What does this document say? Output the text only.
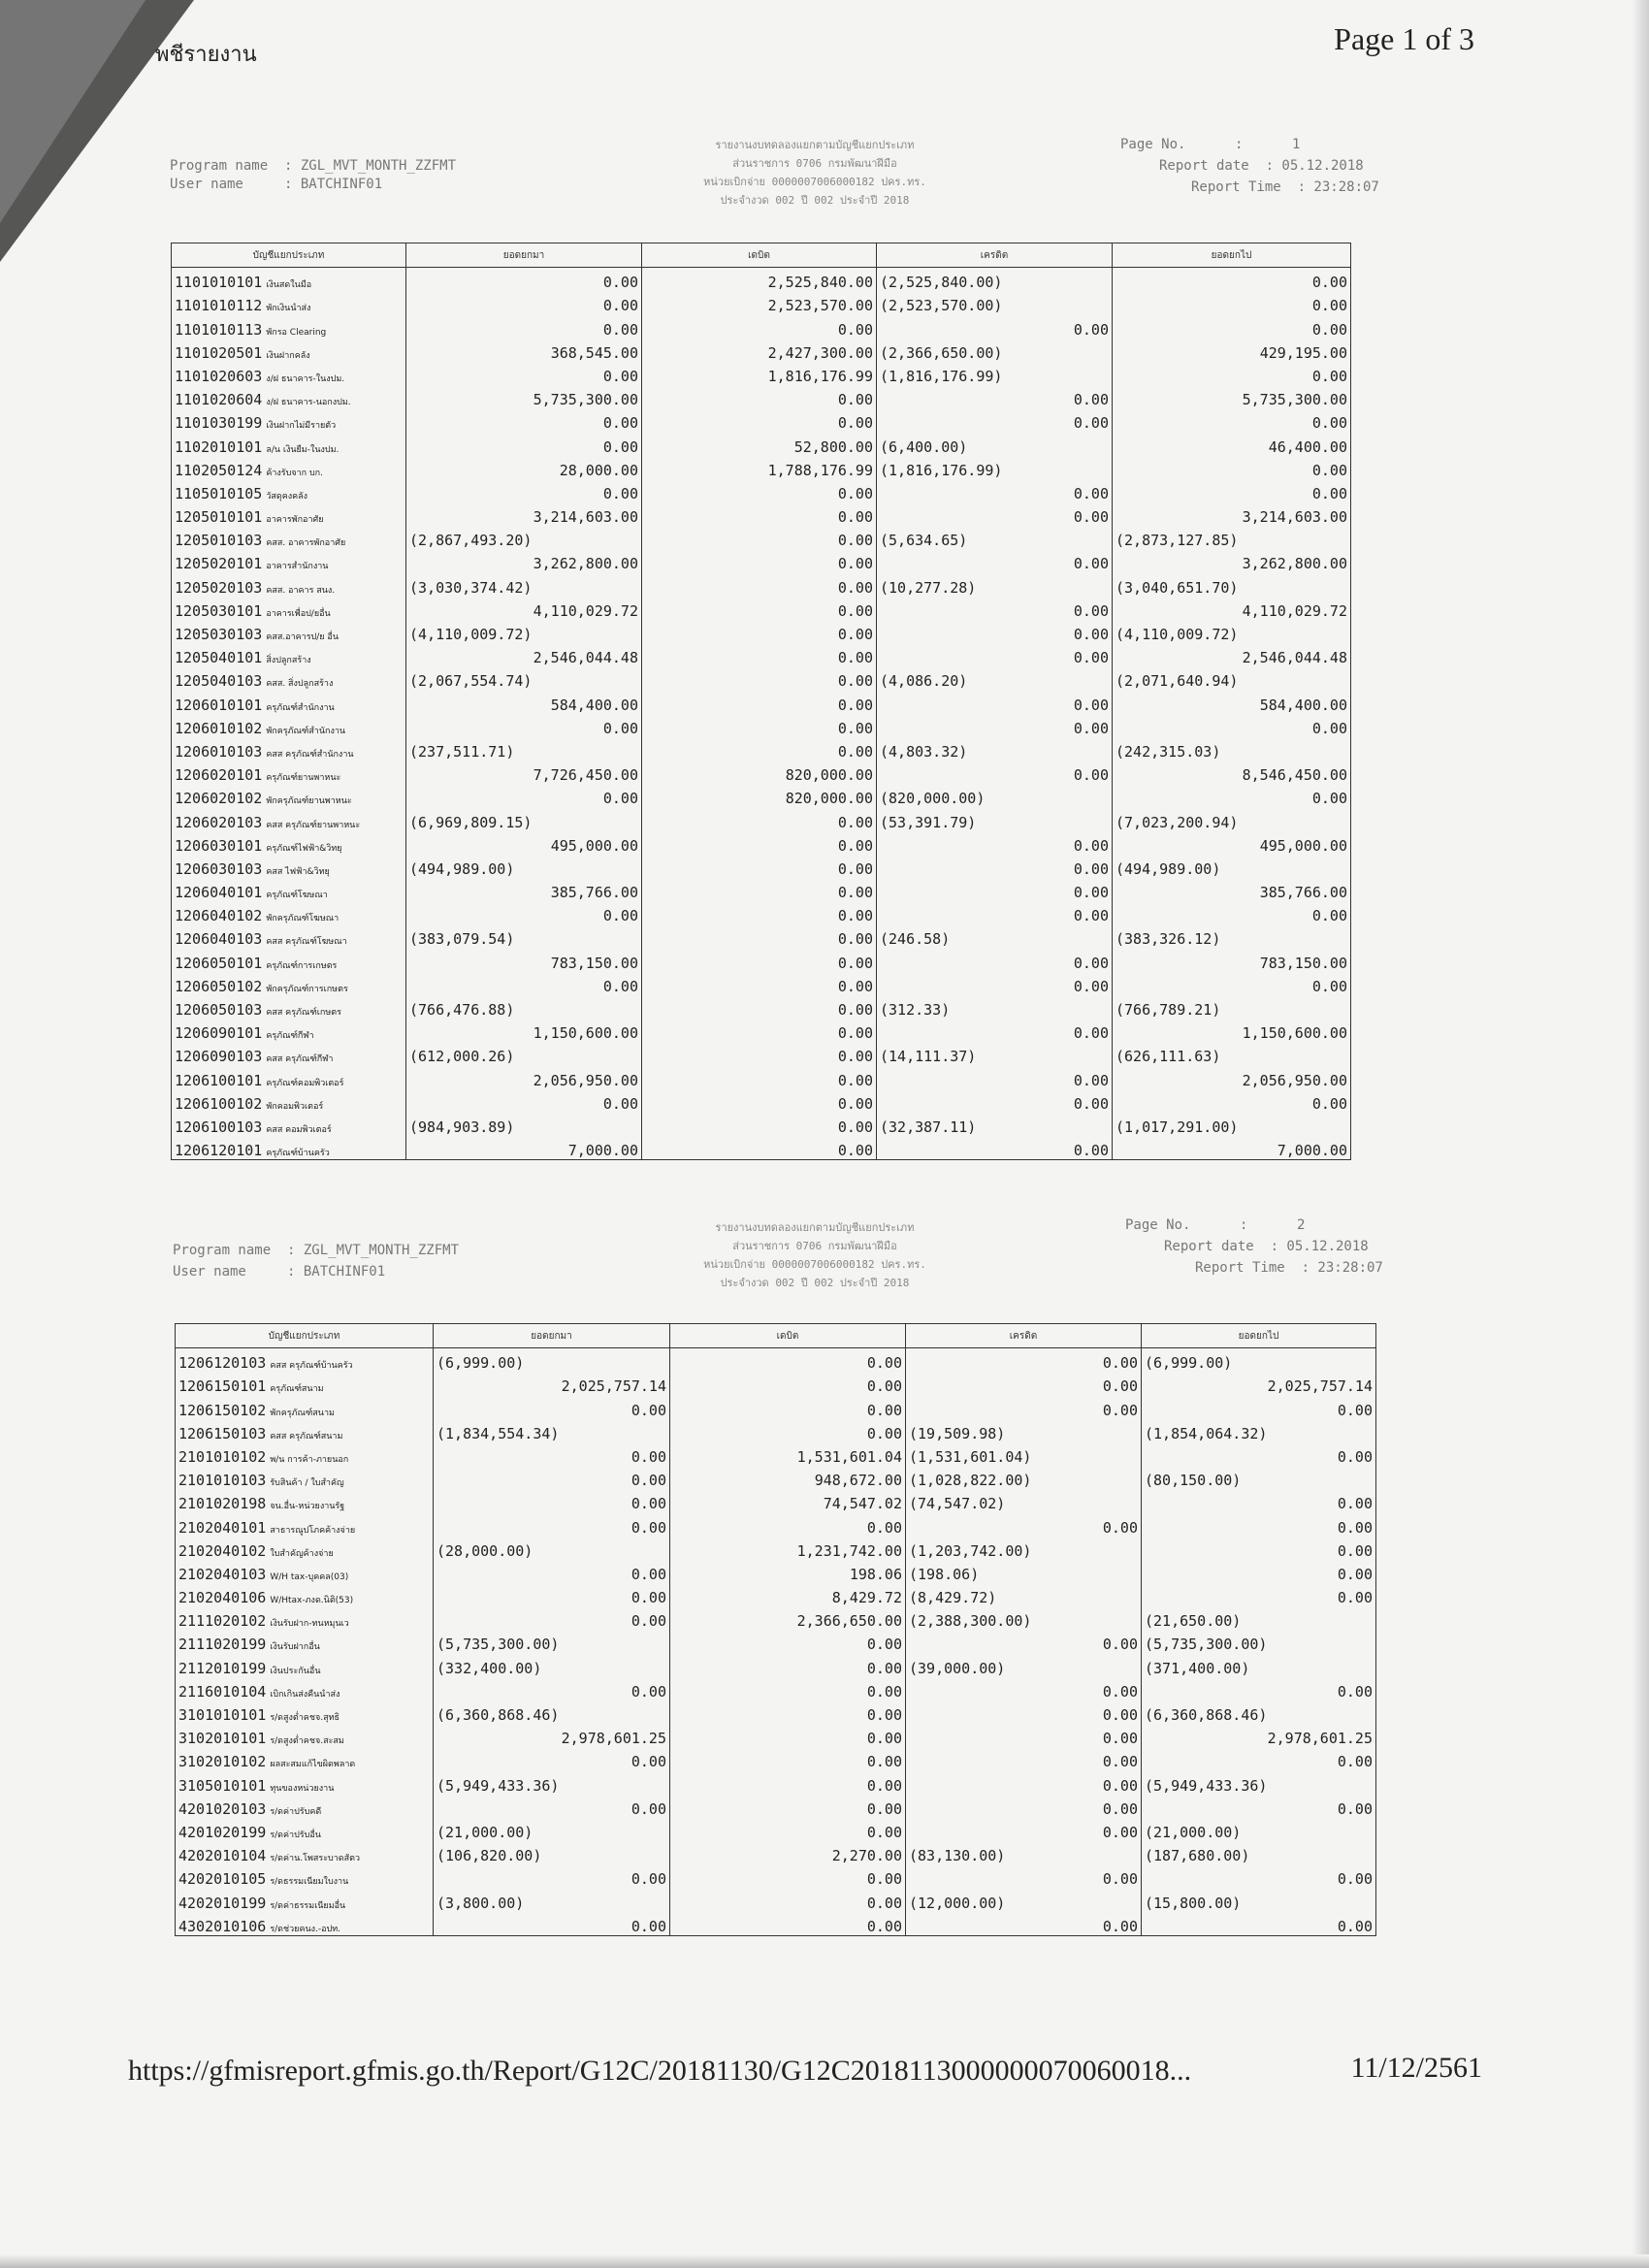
พชีรายงาน	Page 1 of 3
Program name  : ZGL_MVT_MONTH_ZZFMT
User name     : BATCHINF01
รายงานงบทดลองแยกตามบัญชีแยกประเภท
ส่วนราชการ 0706 กรมพัฒนาฝีมือ
หน่วยเบิกจ่าย 0000007006000182 ปคร.ทร.
ประจำงวด 002 ปี 002 ประจำปี 2018
Page No.      :      1
Report date  : 05.12.2018
Report Time  : 23:28:07
บัญชีแยกประเภท	ยอดยกมา	เดบิต	เครดิต	ยอดยกไป
1101010101 เงินสดในมือ	0.00	2,525,840.00	(2,525,840.00)	0.00
1101010112 พักเงินนำส่ง	0.00	2,523,570.00	(2,523,570.00)	0.00
1101010113 พักรอ Clearing	0.00	0.00	0.00	0.00
1101020501 เงินฝากคลัง	368,545.00	2,427,300.00	(2,366,650.00)	429,195.00
1101020603 ง/ฝ ธนาคาร-ในงปม.	0.00	1,816,176.99	(1,816,176.99)	0.00
1101020604 ง/ฝ ธนาคาร-นอกงปม.	5,735,300.00	0.00	0.00	5,735,300.00
1101030199 เงินฝากไม่มีรายตัว	0.00	0.00	0.00	0.00
1102010101 ล/น เงินยืม-ในงปม.	0.00	52,800.00	(6,400.00)	46,400.00
1102050124 ค้างรับจาก บก.	28,000.00	1,788,176.99	(1,816,176.99)	0.00
1105010105 วัสดุคงคลัง	0.00	0.00	0.00	0.00
1205010101 อาคารพักอาศัย	3,214,603.00	0.00	0.00	3,214,603.00
1205010103 คสส. อาคารพักอาศัย	(2,867,493.20)	0.00	(5,634.65)	(2,873,127.85)
1205020101 อาคารสำนักงาน	3,262,800.00	0.00	0.00	3,262,800.00
1205020103 คสส. อาคาร สนง.	(3,030,374.42)	0.00	(10,277.28)	(3,040,651.70)
1205030101 อาคารเพื่อป/ยอื่น	4,110,029.72	0.00	0.00	4,110,029.72
1205030103 คสส.อาคารป/ย อื่น	(4,110,009.72)	0.00	0.00	(4,110,009.72)
1205040101 สิ่งปลูกสร้าง	2,546,044.48	0.00	0.00	2,546,044.48
1205040103 คสส. สิ่งปลูกสร้าง	(2,067,554.74)	0.00	(4,086.20)	(2,071,640.94)
1206010101 ครุภัณฑ์สำนักงาน	584,400.00	0.00	0.00	584,400.00
1206010102 พักครุภัณฑ์สำนักงาน	0.00	0.00	0.00	0.00
1206010103 คสส ครุภัณฑ์สำนักงาน	(237,511.71)	0.00	(4,803.32)	(242,315.03)
1206020101 ครุภัณฑ์ยานพาหนะ	7,726,450.00	820,000.00	0.00	8,546,450.00
1206020102 พักครุภัณฑ์ยานพาหนะ	0.00	820,000.00	(820,000.00)	0.00
1206020103 คสส ครุภัณฑ์ยานพาหนะ	(6,969,809.15)	0.00	(53,391.79)	(7,023,200.94)
1206030101 ครุภัณฑ์ไฟฟ้า&วิทยุ	495,000.00	0.00	0.00	495,000.00
1206030103 คสส ไฟฟ้า&วิทยุ	(494,989.00)	0.00	0.00	(494,989.00)
1206040101 ครุภัณฑ์โฆษณา	385,766.00	0.00	0.00	385,766.00
1206040102 พักครุภัณฑ์โฆษณา	0.00	0.00	0.00	0.00
1206040103 คสส ครุภัณฑ์โฆษณา	(383,079.54)	0.00	(246.58)	(383,326.12)
1206050101 ครุภัณฑ์การเกษตร	783,150.00	0.00	0.00	783,150.00
1206050102 พักครุภัณฑ์การเกษตร	0.00	0.00	0.00	0.00
1206050103 คสส ครุภัณฑ์เกษตร	(766,476.88)	0.00	(312.33)	(766,789.21)
1206090101 ครุภัณฑ์กีฬา	1,150,600.00	0.00	0.00	1,150,600.00
1206090103 คสส ครุภัณฑ์กีฬา	(612,000.26)	0.00	(14,111.37)	(626,111.63)
1206100101 ครุภัณฑ์คอมพิวเตอร์	2,056,950.00	0.00	0.00	2,056,950.00
1206100102 พักคอมพิวเตอร์	0.00	0.00	0.00	0.00
1206100103 คสส คอมพิวเตอร์	(984,903.89)	0.00	(32,387.11)	(1,017,291.00)
1206120101 ครุภัณฑ์บ้านครัว	7,000.00	0.00	0.00	7,000.00
Program name  : ZGL_MVT_MONTH_ZZFMT
User name     : BATCHINF01
รายงานงบทดลองแยกตามบัญชีแยกประเภท
ส่วนราชการ 0706 กรมพัฒนาฝีมือ
หน่วยเบิกจ่าย 0000007006000182 ปคร.ทร.
ประจำงวด 002 ปี 002 ประจำปี 2018
Page No.      :      2
Report date  : 05.12.2018
Report Time  : 23:28:07
บัญชีแยกประเภท	ยอดยกมา	เดบิต	เครดิต	ยอดยกไป
1206120103 คสส ครุภัณฑ์บ้านครัว	(6,999.00)	0.00	0.00	(6,999.00)
1206150101 ครุภัณฑ์สนาม	2,025,757.14	0.00	0.00	2,025,757.14
1206150102 พักครุภัณฑ์สนาม	0.00	0.00	0.00	0.00
1206150103 คสส ครุภัณฑ์สนาม	(1,834,554.34)	0.00	(19,509.98)	(1,854,064.32)
2101010102 พ/น การค้า-ภายนอก	0.00	1,531,601.04	(1,531,601.04)	0.00
2101010103 รับสินค้า / ใบสำคัญ	0.00	948,672.00	(1,028,822.00)	(80,150.00)
2101020198 จน.อื่น-หน่วยงานรัฐ	0.00	74,547.02	(74,547.02)	0.00
2102040101 สาธารณูปโภคค้างจ่าย	0.00	0.00	0.00	0.00
2102040102 ใบสำคัญค้างจ่าย	(28,000.00)	1,231,742.00	(1,203,742.00)	0.00
2102040103 W/H tax-บุคคล(03)	0.00	198.06	(198.06)	0.00
2102040106 W/Htax-ภงด.นิติ(53)	0.00	8,429.72	(8,429.72)	0.00
2111020102 เงินรับฝาก-ทนหมุนเว	0.00	2,366,650.00	(2,388,300.00)	(21,650.00)
2111020199 เงินรับฝากอื่น	(5,735,300.00)	0.00	0.00	(5,735,300.00)
2112010199 เงินประกันอื่น	(332,400.00)	0.00	(39,000.00)	(371,400.00)
2116010104 เบิกเกินส่งคืนนำส่ง	0.00	0.00	0.00	0.00
3101010101 ร/ดสูงต่ำคชจ.สุทธิ	(6,360,868.46)	0.00	0.00	(6,360,868.46)
3102010101 ร/ดสูงต่ำคชจ.สะสม	2,978,601.25	0.00	0.00	2,978,601.25
3102010102 ผลสะสมแก้ไขผิดพลาด	0.00	0.00	0.00	0.00
3105010101 ทุนของหน่วยงาน	(5,949,433.36)	0.00	0.00	(5,949,433.36)
4201020103 ร/ดค่าปรับคดี	0.00	0.00	0.00	0.00
4201020199 ร/ดค่าปรับอื่น	(21,000.00)	0.00	0.00	(21,000.00)
4202010104 ร/ดค่าน.โพสระบาดสัตว	(106,820.00)	2,270.00	(83,130.00)	(187,680.00)
4202010105 ร/ดธรรมเนียมใบงาน	0.00	0.00	0.00	0.00
4202010199 ร/ดค่าธรรมเนียมอื่น	(3,800.00)	0.00	(12,000.00)	(15,800.00)
4302010106 ร/ดช่วยคนง.-อปท.	0.00	0.00	0.00	0.00
https://gfmisreport.gfmis.go.th/Report/G12C/20181130/G12C2018113000000070060018...	11/12/2561
